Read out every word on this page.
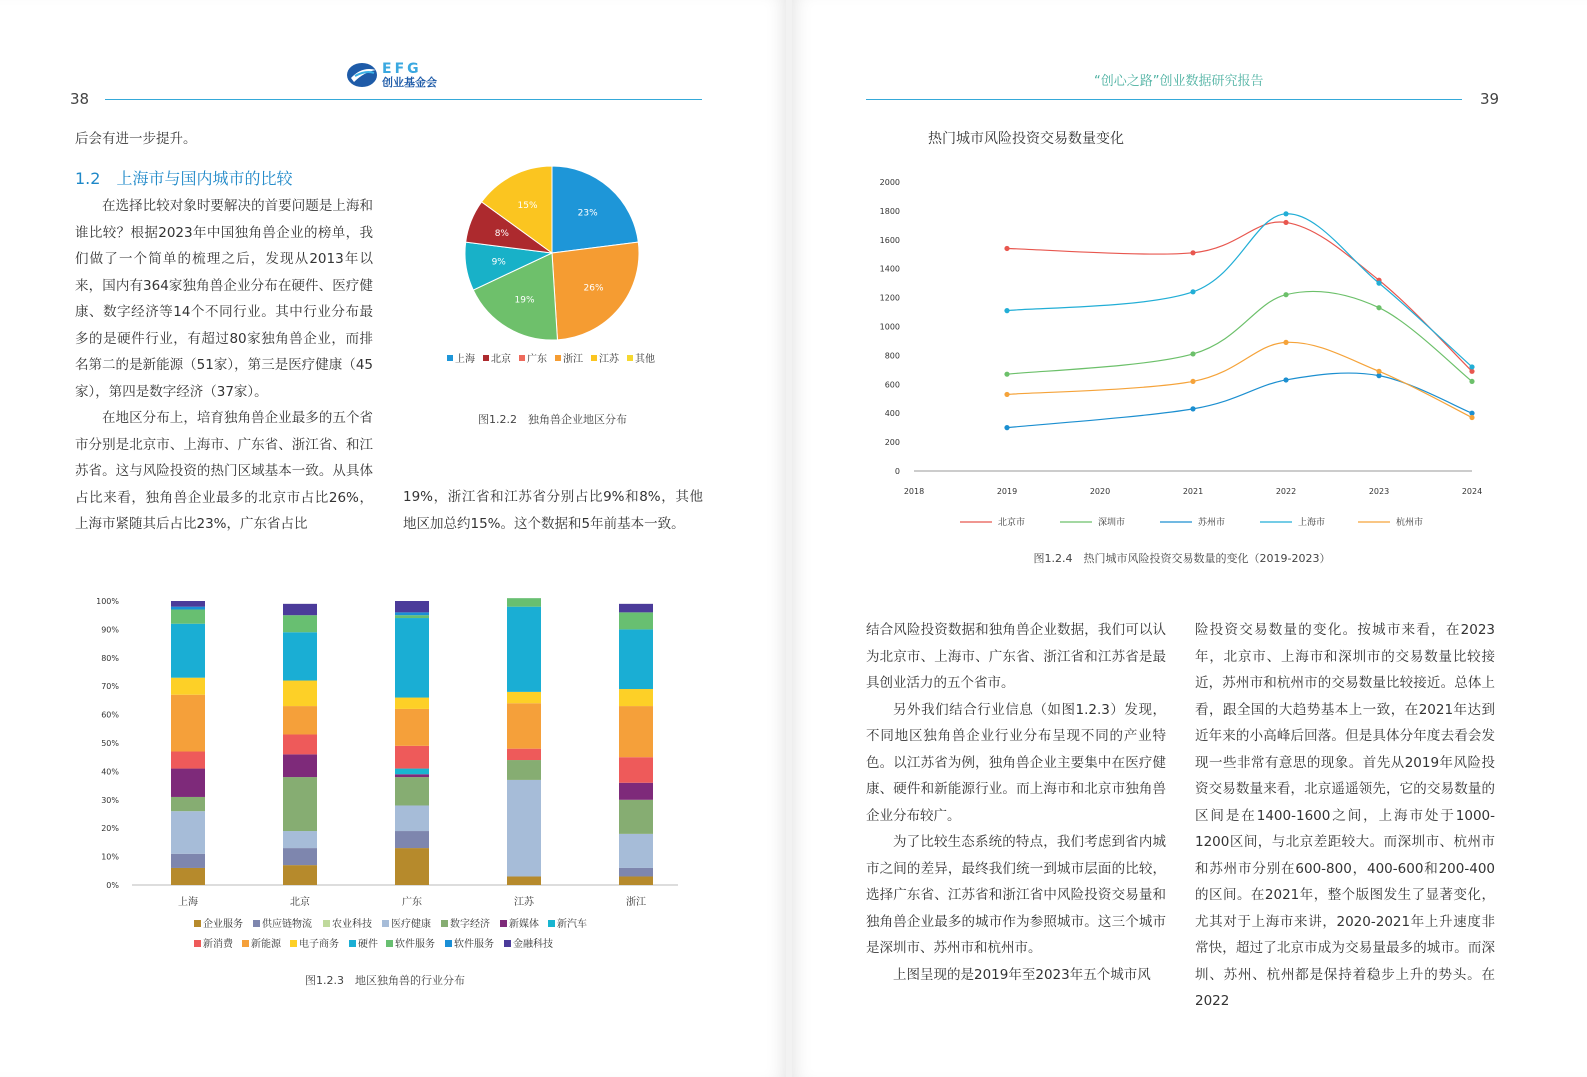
EFG
创业基金会
38
后会有进一步提升。
1.2　上海市与国内城市的比较

在选择比较对象时要解决的首要问题是上海和谁比较？根据2023年中国独角兽企业的榜单，我们做了一个简单的梳理之后，发现从2013年以来，国内有364家独角兽企业分布在硬件、医疗健康、数字经济等14个不同行业。其中行业分布最多的是硬件行业，有超过80家独角兽企业，而排名第二的是新能源（51家），第三是医疗健康（45家），第四是数字经济（37家）。

在地区分布上，培育独角兽企业最多的五个省市分别是北京市、上海市、广东省、浙江省、和江苏省。这与风险投资的热门区域基本一致。从具体占比来看，独角兽企业最多的北京市占比26%，上海市紧随其后占比23%，广东省占比

19%，浙江省和江苏省分别占比9%和8%，其他地区加总约15%。这个数据和5年前基本一致。
23%
26%
19%
9%
8%
15%
上海 北京 广东 浙江 江苏 其他
图1.2.2　独角兽企业地区分布
0%
10%
20%
30%
40%
50%
60%
70%
80%
90%
100%
上海	北京	广东	江苏	浙江
企业服务 供应链物流 农业科技 医疗健康 数字经济 新媒体 新汽车
新消费 新能源 电子商务 硬件 软件服务 软件服务 金融科技
图1.2.3　地区独角兽的行业分布
“创心之路”创业数据研究报告
39
热门城市风险投资交易数量变化
0
200
400
600
800
1000
1200
1400
1600
1800
2000
2018	2019	2020	2021	2022	2023	2024
北京市	深圳市	苏州市	上海市	杭州市
图1.2.4　热门城市风险投资交易数量的变化（2019-2023）

结合风险投资数据和独角兽企业数据，我们可以认为北京市、上海市、广东省、浙江省和江苏省是最具创业活力的五个省市。

另外我们结合行业信息（如图1.2.3）发现，不同地区独角兽企业行业分布呈现不同的产业特色。以江苏省为例，独角兽企业主要集中在医疗健康、硬件和新能源行业。而上海市和北京市独角兽企业分布较广。

为了比较生态系统的特点，我们考虑到省内城市之间的差异，最终我们统一到城市层面的比较，选择广东省、江苏省和浙江省中风险投资交易量和独角兽企业最多的城市作为参照城市。这三个城市是深圳市、苏州市和杭州市。

上图呈现的是2019年至2023年五个城市风

险投资交易数量的变化。按城市来看，在2023年，北京市、上海市和深圳市的交易数量比较接近，苏州市和杭州市的交易数量比较接近。总体上看，跟全国的大趋势基本上一致，在2021年达到近年来的小高峰后回落。但是具体分年度去看会发现一些非常有意思的现象。首先从2019年风险投资交易数量来看，北京遥遥领先，它的交易数量的区间是在1400-1600之间，上海市处于1000-1200区间，与北京差距较大。而深圳市、杭州市和苏州市分别在600-800，400-600和200-400的区间。在2021年，整个版图发生了显著变化，尤其对于上海市来讲，2020-2021年上升速度非常快，超过了北京市成为交易量最多的城市。而深圳、苏州、杭州都是保持着稳步上升的势头。在2022
